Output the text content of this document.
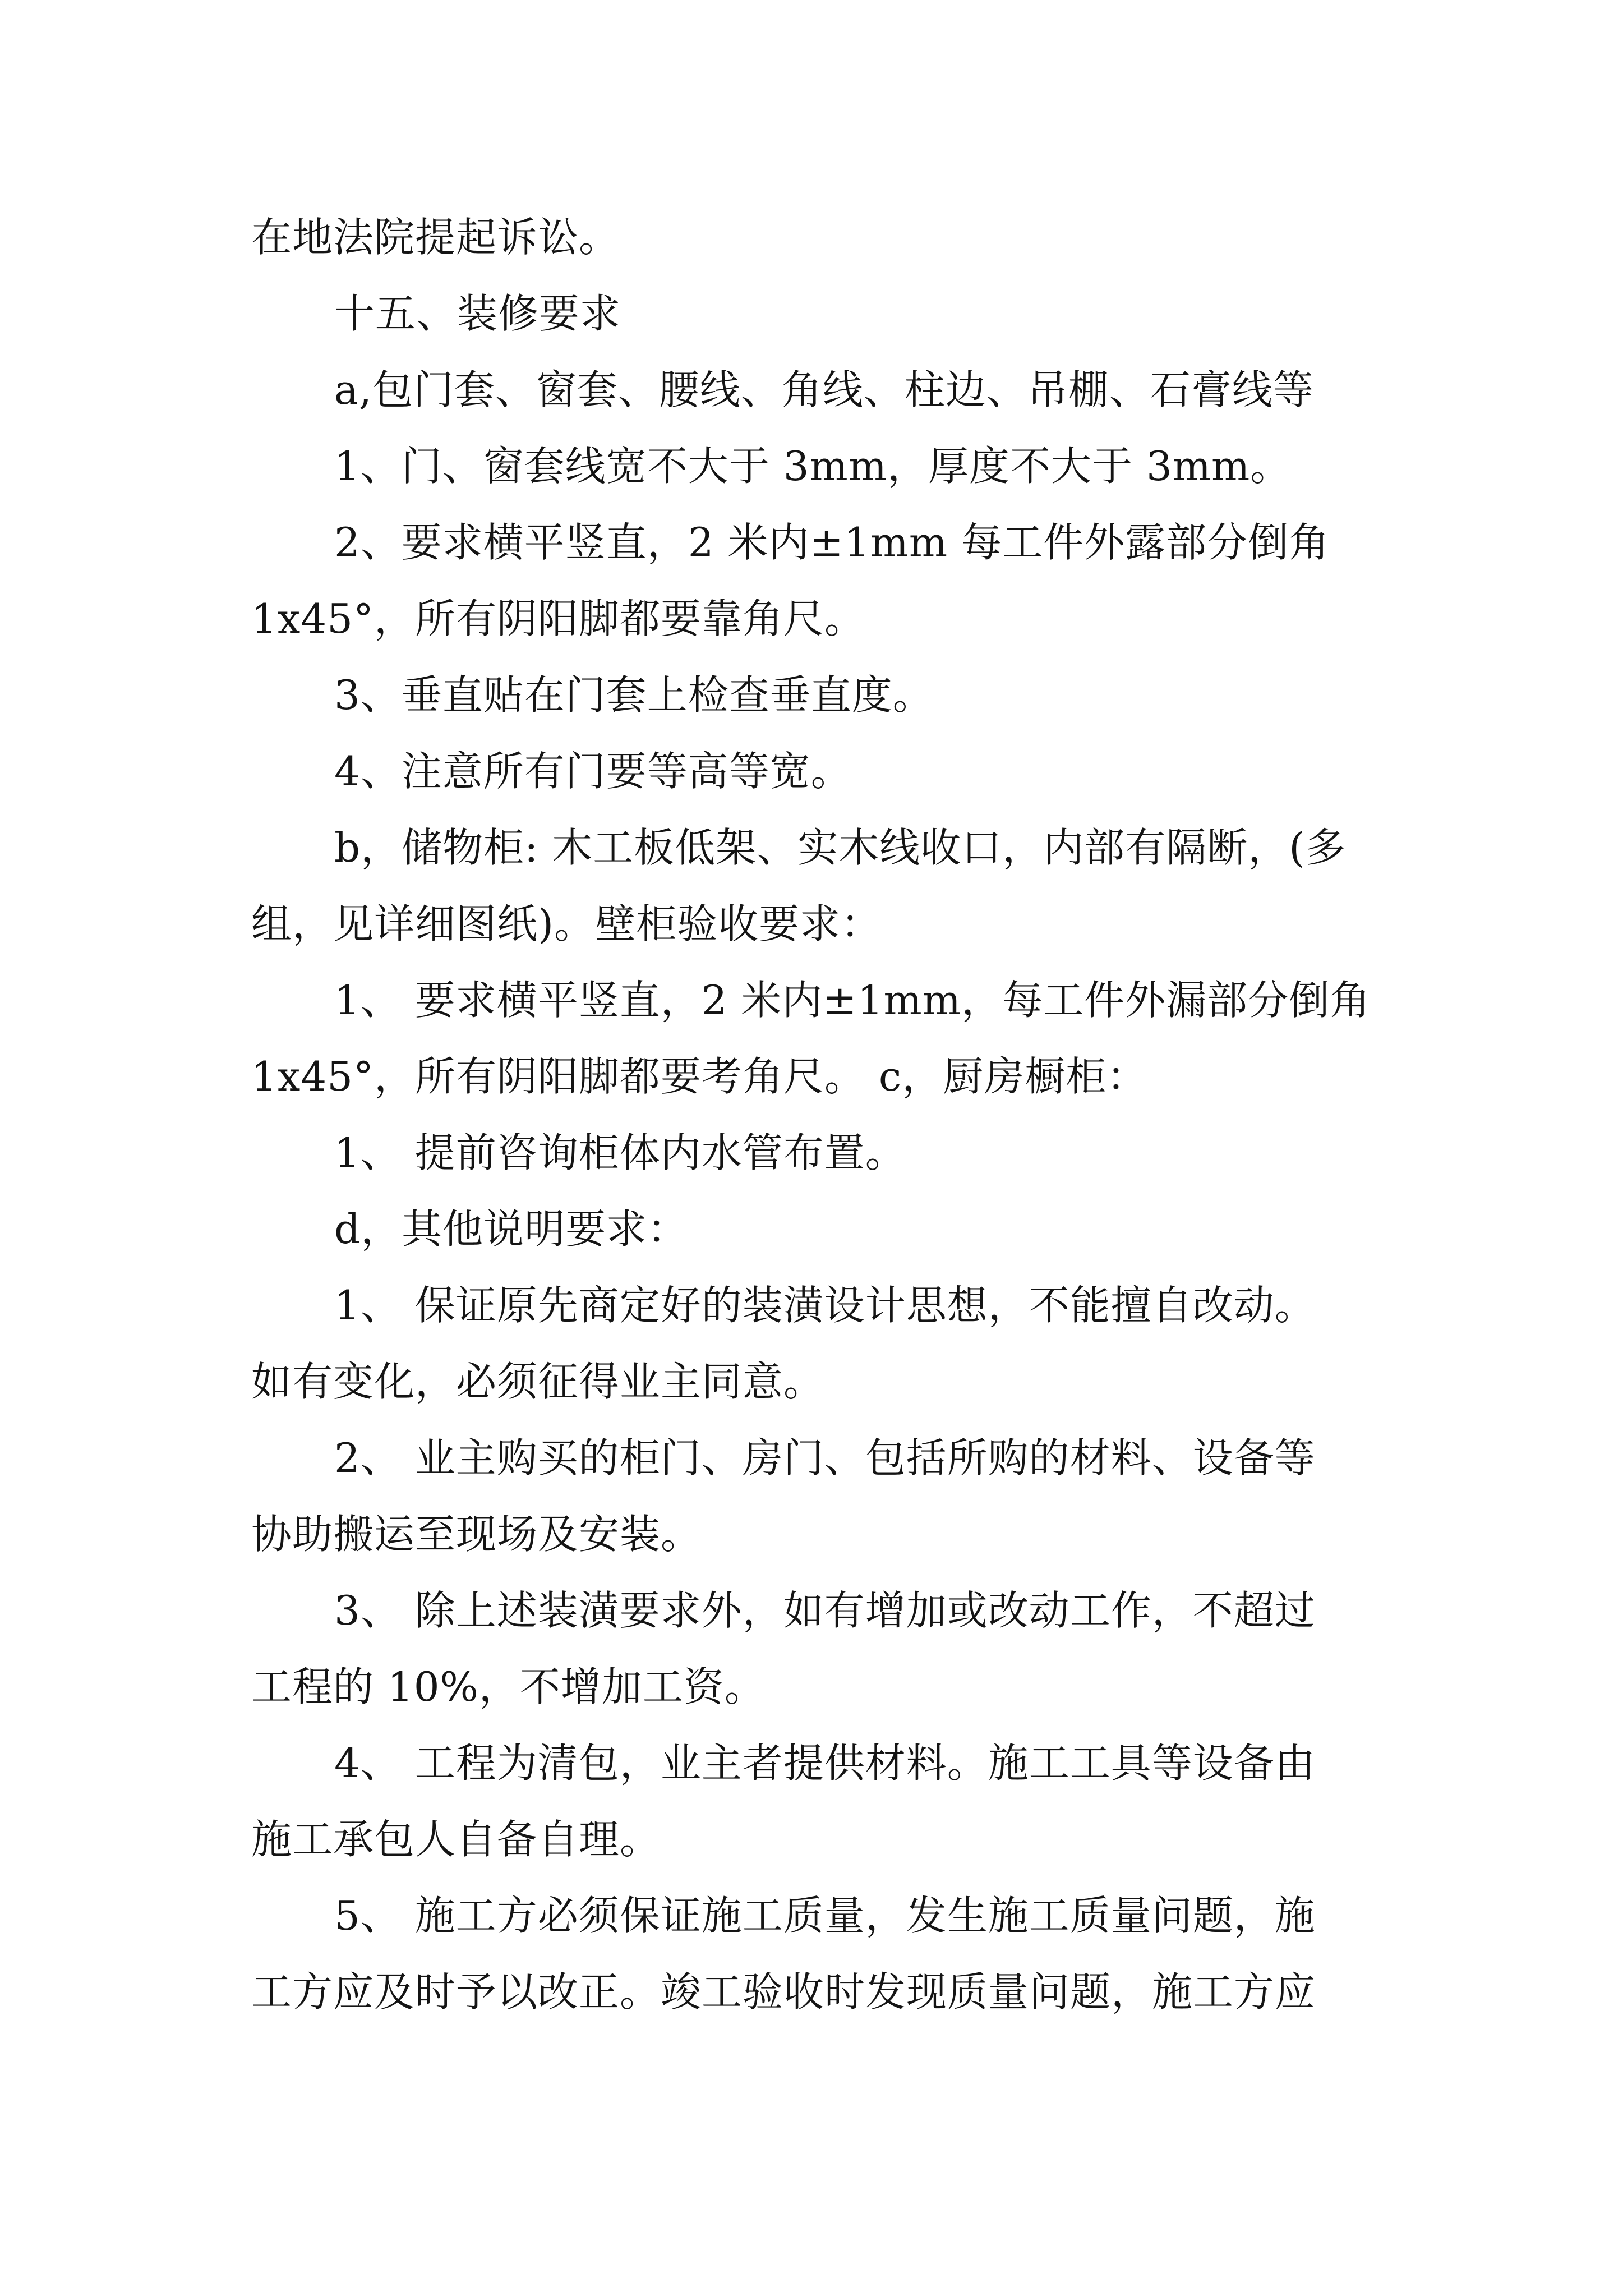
在地法院提起诉讼。

十五、装修要求

a,包门套、窗套、腰线、角线、柱边、吊棚、石膏线等

1、门、窗套线宽不大于 3mm，厚度不大于 3mm。

2、要求横平竖直，2 米内±1mm 每工件外露部分倒角

1x45°，所有阴阳脚都要靠角尺。

3、垂直贴在门套上检查垂直度。

4、注意所有门要等高等宽。

b，储物柜: 木工板低架、实木线收口，内部有隔断，(多

组，见详细图纸)。壁柜验收要求：

1、 要求横平竖直，2 米内±1mm，每工件外漏部分倒角

1x45°，所有阴阳脚都要考角尺。 c，厨房橱柜：

1、 提前咨询柜体内水管布置。

d，其他说明要求：

1、 保证原先商定好的装潢设计思想，不能擅自改动。

如有变化，必须征得业主同意。

2、 业主购买的柜门、房门、包括所购的材料、设备等

协助搬运至现场及安装。

3、 除上述装潢要求外，如有增加或改动工作，不超过

工程的 10%，不增加工资。

4、 工程为清包，业主者提供材料。施工工具等设备由

施工承包人自备自理。

5、 施工方必须保证施工质量，发生施工质量问题，施

工方应及时予以改正。竣工验收时发现质量问题，施工方应
